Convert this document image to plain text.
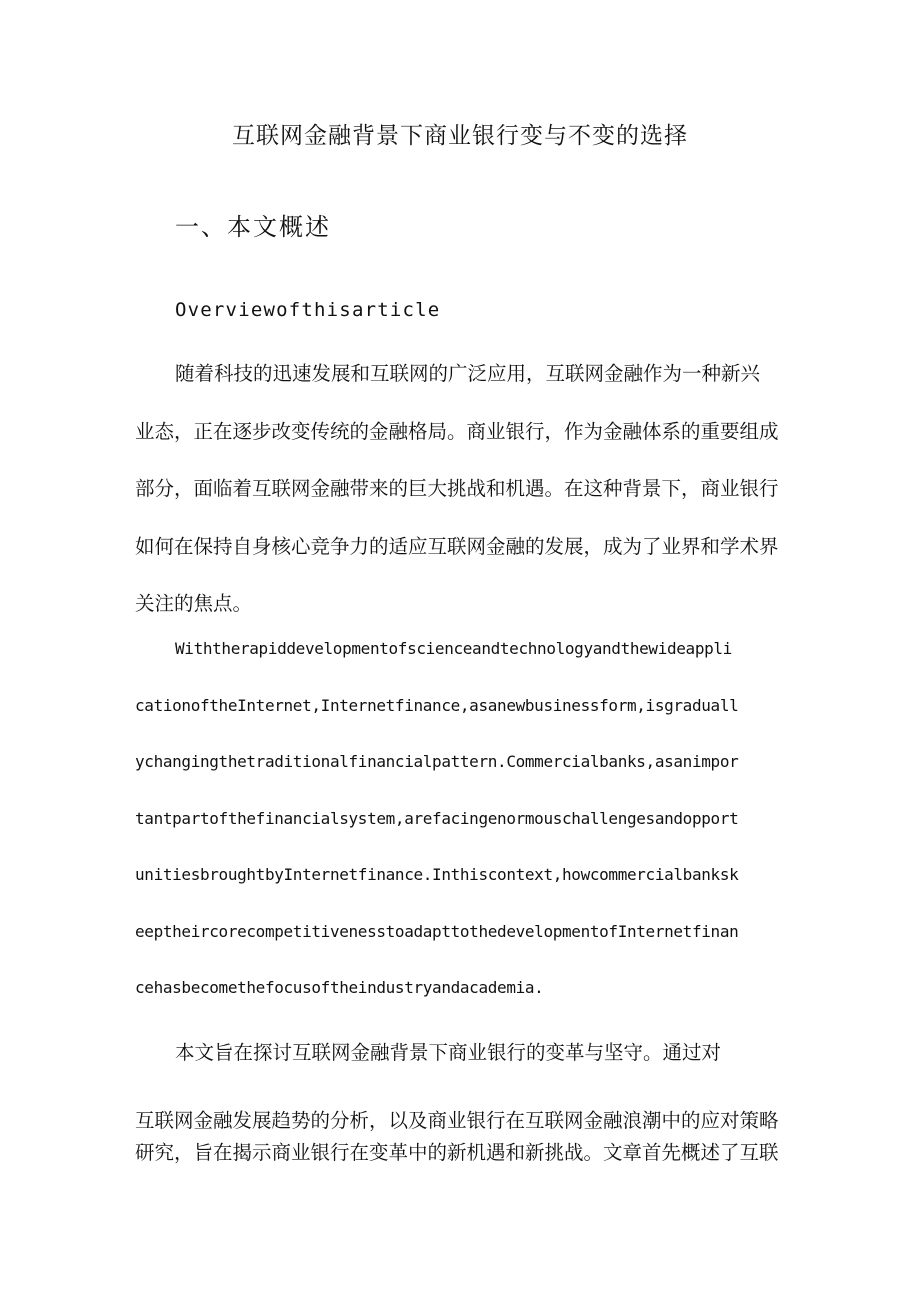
互联网金融背景下商业银行变与不变的选择
一、本文概述
Overviewofthisarticle
随着科技的迅速发展和互联网的广泛应用，互联网金融作为一种新兴
业态，正在逐步改变传统的金融格局。商业银行，作为金融体系的重要组成
部分，面临着互联网金融带来的巨大挑战和机遇。在这种背景下，商业银行
如何在保持自身核心竞争力的适应互联网金融的发展，成为了业界和学术界
关注的焦点。
Withtherapiddevelopmentofscienceandtechnologyandthewideappli
cationoftheInternet,Internetfinance,asanewbusinessform,isgraduall
ychangingthetraditionalfinancialpattern.Commercialbanks,asanimpor
tantpartofthefinancialsystem,arefacingenormouschallengesandopport
unitiesbroughtbyInternetfinance.Inthiscontext,howcommercialbanksk
eeptheircorecompetitivenesstoadapttothedevelopmentofInternetfinan
cehasbecomethefocusoftheindustryandacademia.
本文旨在探讨互联网金融背景下商业银行的变革与坚守。通过对
互联网金融发展趋势的分析，以及商业银行在互联网金融浪潮中的应对策略
研究，旨在揭示商业银行在变革中的新机遇和新挑战。文章首先概述了互联
